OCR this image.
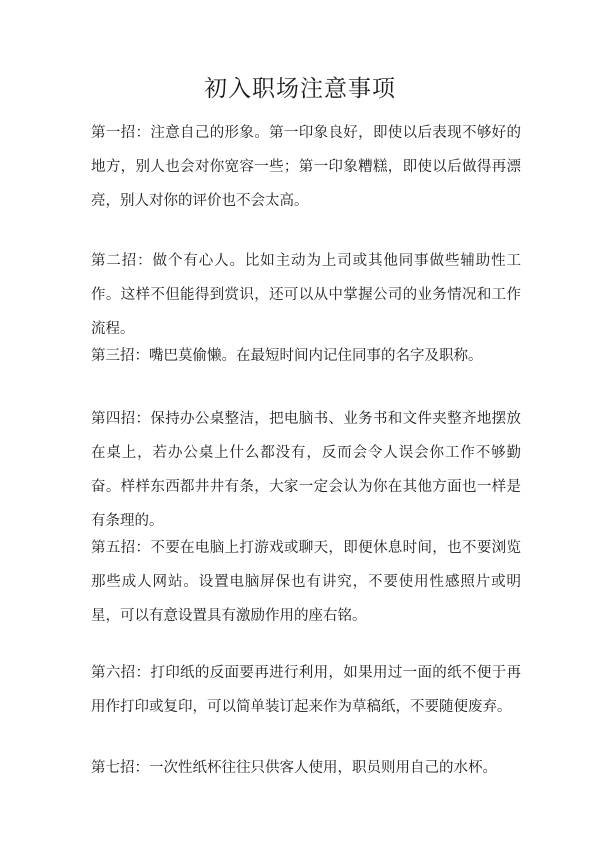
初入职场注意事项

第一招：注意自己的形象。第一印象良好，即使以后表现不够好的地方，别人也会对你宽容一些；第一印象糟糕，即使以后做得再漂亮，别人对你的评价也不会太高。

第二招：做个有心人。比如主动为上司或其他同事做些辅助性工作。这样不但能得到赏识，还可以从中掌握公司的业务情况和工作流程。

第三招：嘴巴莫偷懒。在最短时间内记住同事的名字及职称。

第四招：保持办公桌整洁，把电脑书、业务书和文件夹整齐地摆放在桌上，若办公桌上什么都没有，反而会令人误会你工作不够勤奋。样样东西都井井有条，大家一定会认为你在其他方面也一样是有条理的。

第五招：不要在电脑上打游戏或聊天，即便休息时间，也不要浏览那些成人网站。设置电脑屏保也有讲究，不要使用性感照片或明星，可以有意设置具有激励作用的座右铭。

第六招：打印纸的反面要再进行利用，如果用过一面的纸不便于再用作打印或复印，可以简单装订起来作为草稿纸，不要随便废弃。

第七招：一次性纸杯往往只供客人使用，职员则用自己的水杯。
